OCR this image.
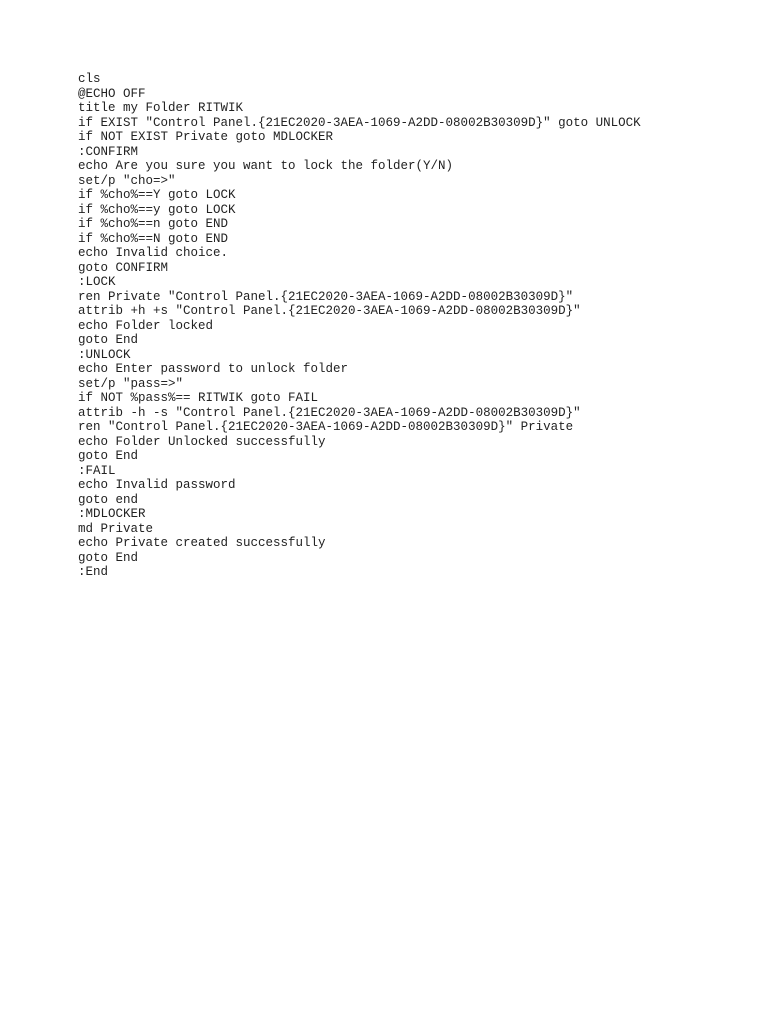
cls
@ECHO OFF
title my Folder RITWIK
if EXIST "Control Panel.{21EC2020-3AEA-1069-A2DD-08002B30309D}" goto UNLOCK
if NOT EXIST Private goto MDLOCKER
:CONFIRM
echo Are you sure you want to lock the folder(Y/N)
set/p "cho=>"
if %cho%==Y goto LOCK
if %cho%==y goto LOCK
if %cho%==n goto END
if %cho%==N goto END
echo Invalid choice.
goto CONFIRM
:LOCK
ren Private "Control Panel.{21EC2020-3AEA-1069-A2DD-08002B30309D}"
attrib +h +s "Control Panel.{21EC2020-3AEA-1069-A2DD-08002B30309D}"
echo Folder locked
goto End
:UNLOCK
echo Enter password to unlock folder
set/p "pass=>"
if NOT %pass%== RITWIK goto FAIL
attrib -h -s "Control Panel.{21EC2020-3AEA-1069-A2DD-08002B30309D}"
ren "Control Panel.{21EC2020-3AEA-1069-A2DD-08002B30309D}" Private
echo Folder Unlocked successfully
goto End
:FAIL
echo Invalid password
goto end
:MDLOCKER
md Private
echo Private created successfully
goto End
:End
